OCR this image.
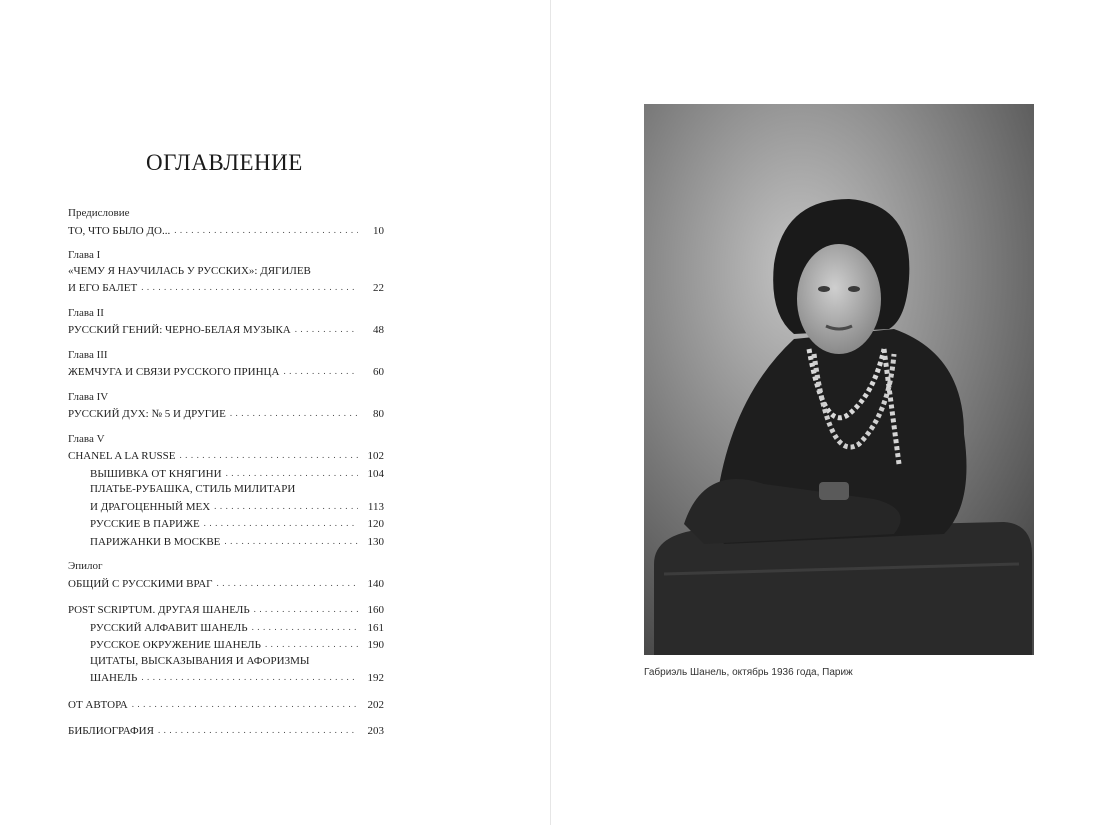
ОГЛАВЛЕНИЕ
Предисловие
ТО, ЧТО БЫЛО ДО... . . .	10
Глава I
«ЧЕМУ Я НАУЧИЛАСЬ У РУССКИХ»: ДЯГИЛЕВ
И ЕГО БАЛЕТ . . .	22
Глава II
РУССКИЙ ГЕНИЙ: ЧЕРНО-БЕЛАЯ МУЗЫКА . . .	48
Глава III
ЖЕМЧУГА И СВЯЗИ РУССКОГО ПРИНЦА . . .	60
Глава IV
РУССКИЙ ДУХ: № 5 И ДРУГИЕ . . .	80
Глава V
CHANEL A LA RUSSE . . .	102
ВЫШИВКА ОТ КНЯГИНИ . . .	104
ПЛАТЬЕ-РУБАШКА, СТИЛЬ МИЛИТАРИ
И ДРАГОЦЕННЫЙ МЕХ . . .	113
РУССКИЕ В ПАРИЖЕ . . .	120
ПАРИЖАНКИ В МОСКВЕ . . .	130
Эпилог
ОБЩИЙ С РУССКИМИ ВРАГ . . .	140
POST SCRIPTUM. ДРУГАЯ ШАНЕЛЬ . . .	160
РУССКИЙ АЛФАВИТ ШАНЕЛЬ . . .	161
РУССКОЕ ОКРУЖЕНИЕ ШАНЕЛЬ . . .	190
ЦИТАТЫ, ВЫСКАЗЫВАНИЯ И АФОРИЗМЫ
ШАНЕЛЬ . . .	192
ОТ АВТОРА . . .	202
БИБЛИОГРАФИЯ . . .	203
Габриэль Шанель, октябрь 1936 года, Париж
